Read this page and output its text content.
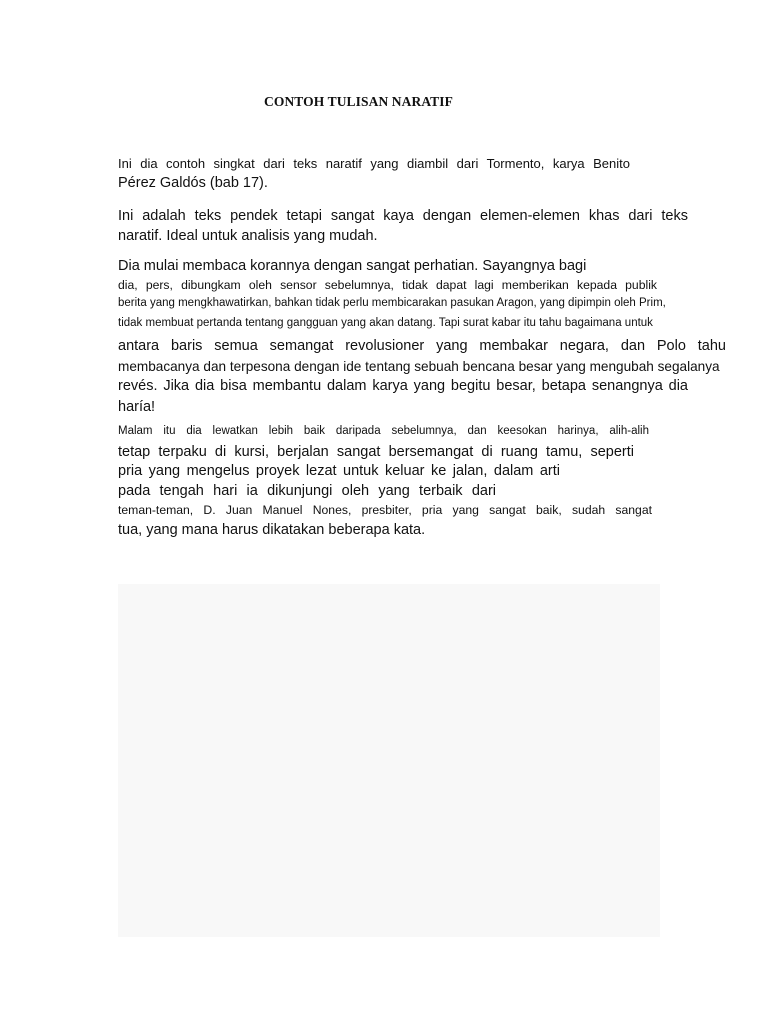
CONTOH TULISAN NARATIF
Ini dia contoh singkat dari teks naratif yang diambil dari Tormento, karya Benito
Pérez Galdós (bab 17).
Ini adalah teks pendek tetapi sangat kaya dengan elemen-elemen khas dari teks
naratif. Ideal untuk analisis yang mudah.
Dia mulai membaca korannya dengan sangat perhatian. Sayangnya bagi
dia, pers, dibungkam oleh sensor sebelumnya, tidak dapat lagi memberikan kepada publik
berita yang mengkhawatirkan, bahkan tidak perlu membicarakan pasukan Aragon, yang dipimpin oleh Prim,
tidak membuat pertanda tentang gangguan yang akan datang. Tapi surat kabar itu tahu bagaimana untuk
antara baris semua semangat revolusioner yang membakar negara, dan Polo tahu
membacanya dan terpesona dengan ide tentang sebuah bencana besar yang mengubah segalanya
revés. Jika dia bisa membantu dalam karya yang begitu besar, betapa senangnya dia
haría!
Malam itu dia lewatkan lebih baik daripada sebelumnya, dan keesokan harinya, alih-alih
tetap terpaku di kursi, berjalan sangat bersemangat di ruang tamu, seperti
pria yang mengelus proyek lezat untuk keluar ke jalan, dalam arti
pada tengah hari ia dikunjungi oleh yang terbaik dari
teman-teman, D. Juan Manuel Nones, presbiter, pria yang sangat baik, sudah sangat
tua, yang mana harus dikatakan beberapa kata.
